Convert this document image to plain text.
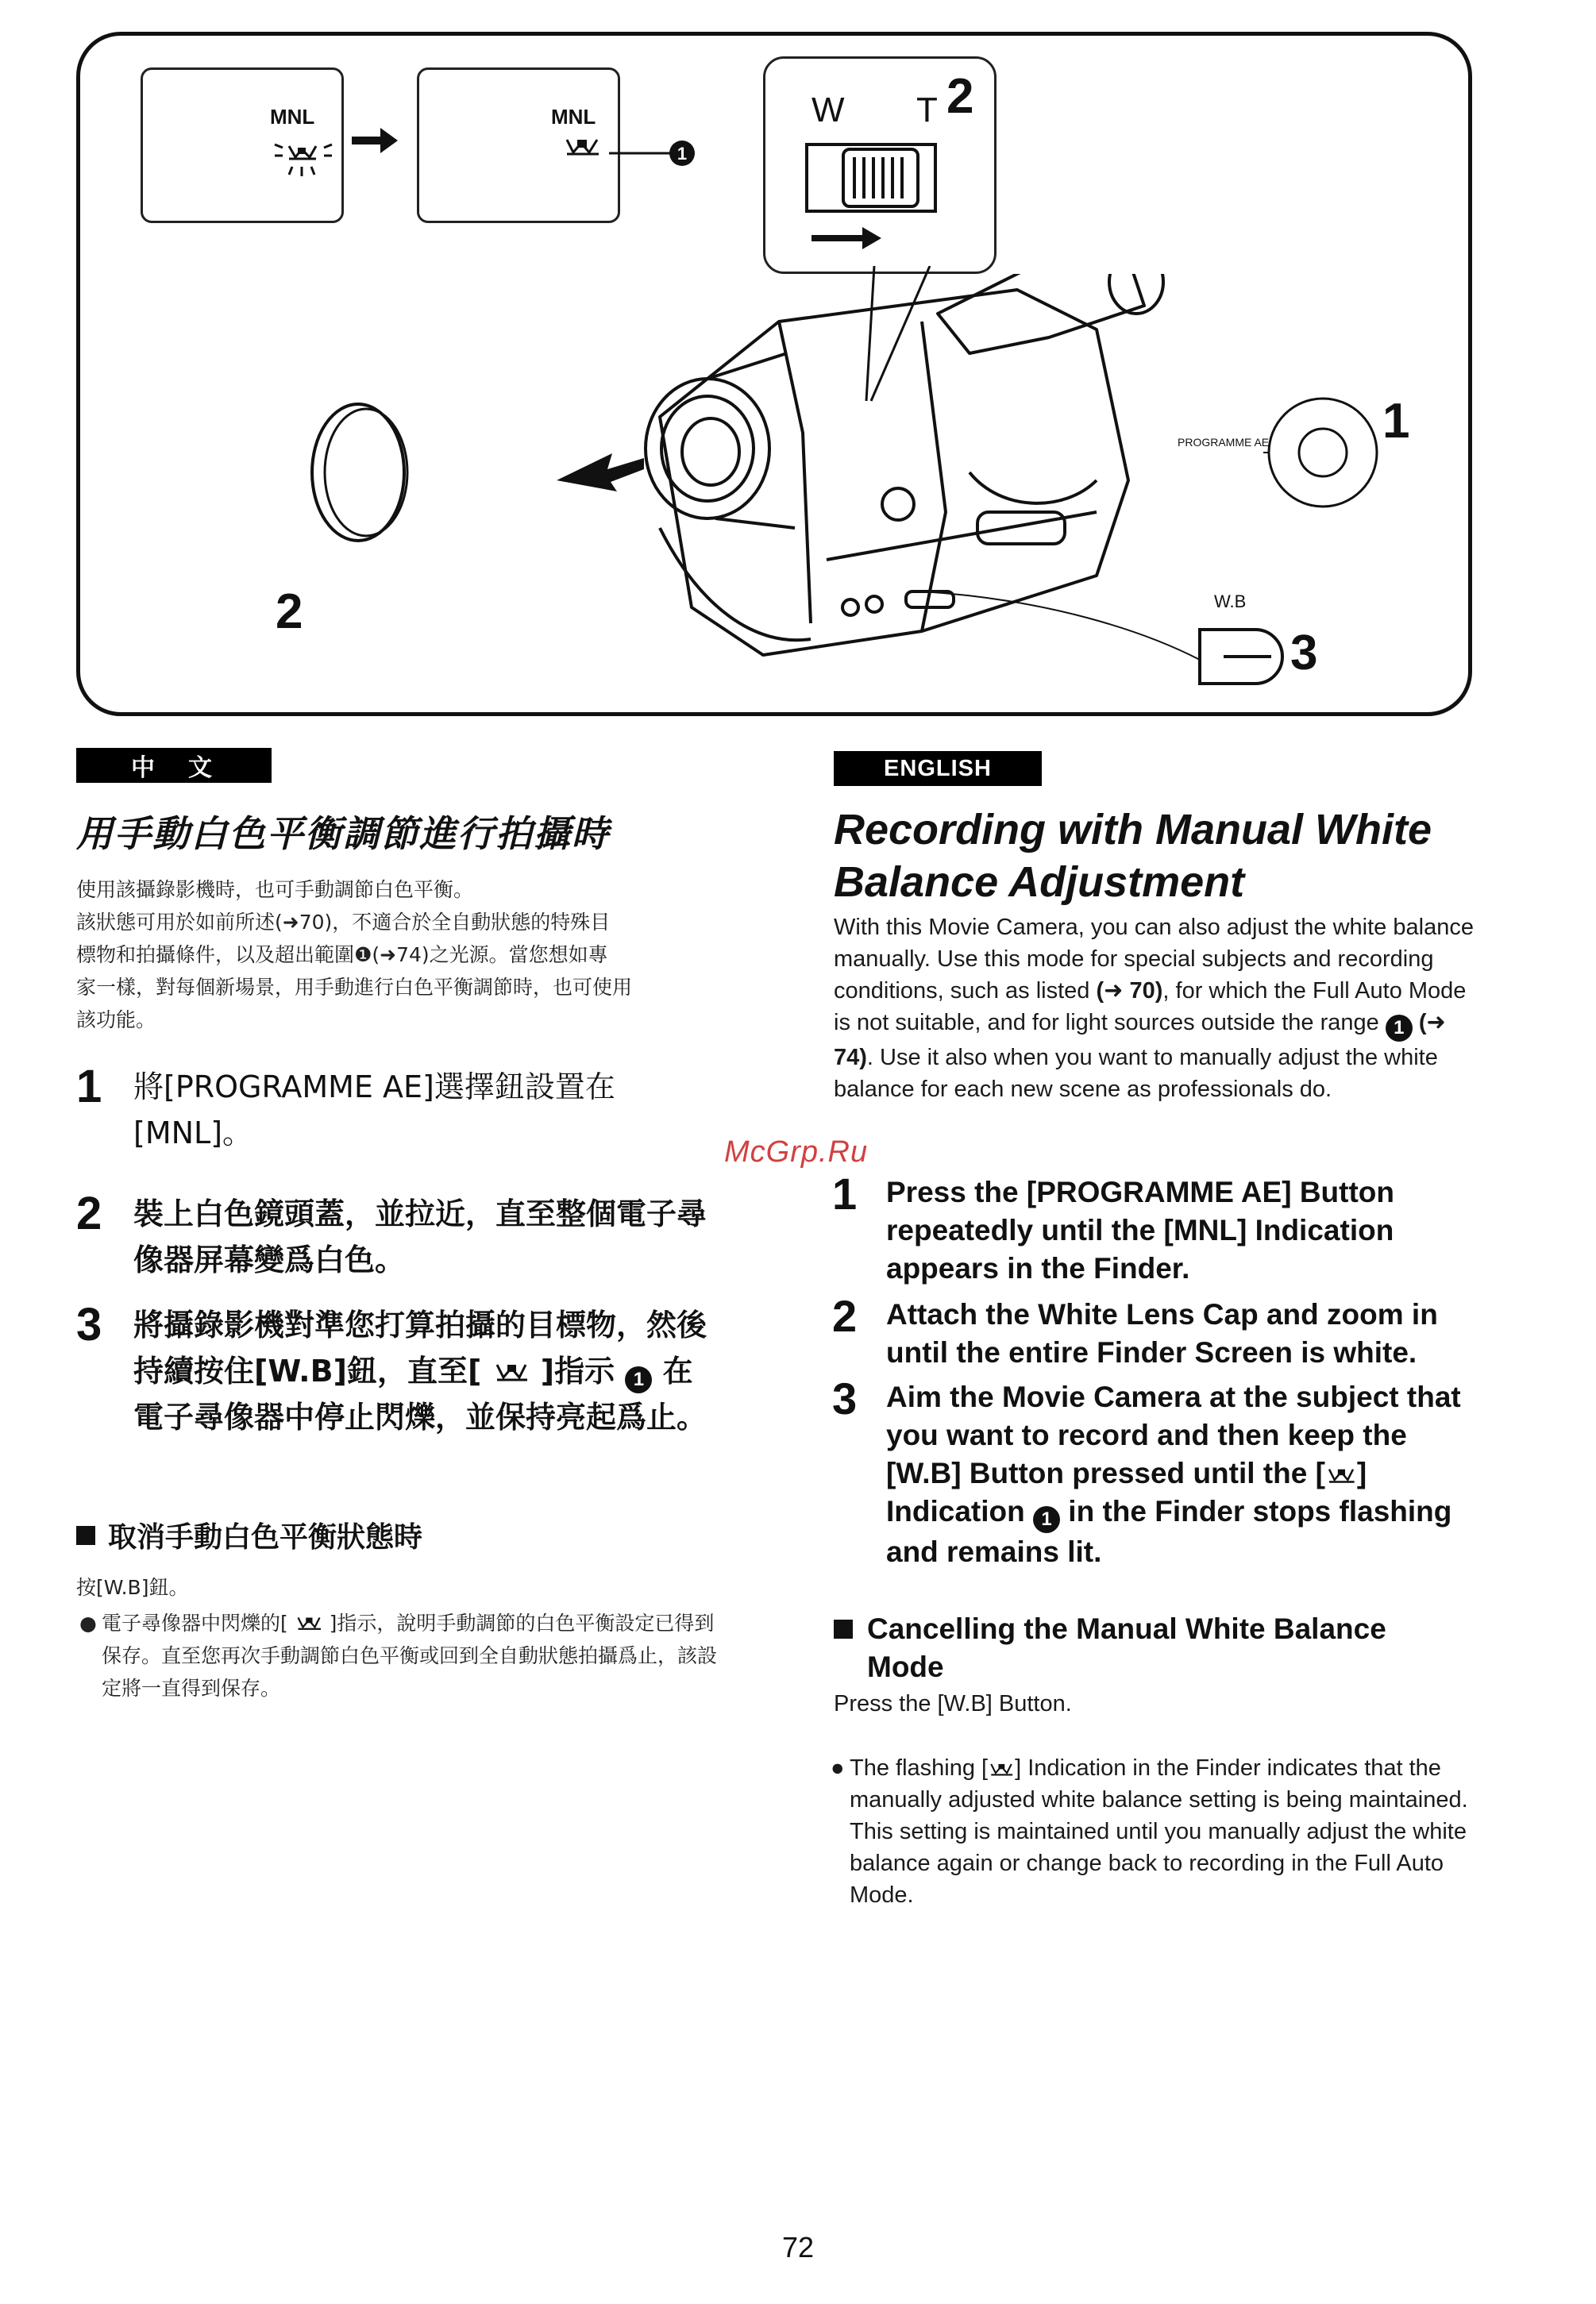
MNL	MNL
1
W T 2
2
PROGRAMME AE 1
W.B
3
中　文
用手動白色平衡調節進行拍攝時
使用該攝錄影機時，也可手動調節白色平衡。
該狀態可用於如前所述(➜70)，不適合於全自動狀態的特殊目
標物和拍攝條件，以及超出範圍❶(➜74)之光源。當您想如專
家一樣，對每個新場景，用手動進行白色平衡調節時，也可使用
該功能。
1 將[PROGRAMME AE]選擇鈕設置在[MNL]。
2 裝上白色鏡頭蓋，並拉近，直至整個電子尋像器屏幕變爲白色。
3 將攝錄影機對準您打算拍攝的目標物，然後持續按住[W.B]鈕，直至[ ]指示 1 在電子尋像器中停止閃爍，並保持亮起爲止。
取消手動白色平衡狀態時
按[W.B]鈕。
● 電子尋像器中閃爍的[ ]指示，說明手動調節的白色平衡設定已得到保存。直至您再次手動調節白色平衡或回到全自動狀態拍攝爲止，該設定將一直得到保存。
ENGLISH
Recording with Manual White Balance Adjustment
With this Movie Camera, you can also adjust the white balance manually. Use this mode for special subjects and recording conditions, such as listed (➜ 70), for which the Full Auto Mode is not suitable, and for light sources outside the range 1 (➜ 74). Use it also when you want to manually adjust the white balance for each new scene as professionals do.
1 Press the [PROGRAMME AE] Button repeatedly until the [MNL] Indication appears in the Finder.
2 Attach the White Lens Cap and zoom in until the entire Finder Screen is white.
3 Aim the Movie Camera at the subject that you want to record and then keep the [W.B] Button pressed until the [ ] Indication 1 in the Finder stops flashing and remains lit.
Cancelling the Manual White Balance Mode
Press the [W.B] Button.
● The flashing [ ] Indication in the Finder indicates that the manually adjusted white balance setting is being maintained. This setting is maintained until you manually adjust the white balance again or change back to recording in the Full Auto Mode.
McGrp.Ru
72
